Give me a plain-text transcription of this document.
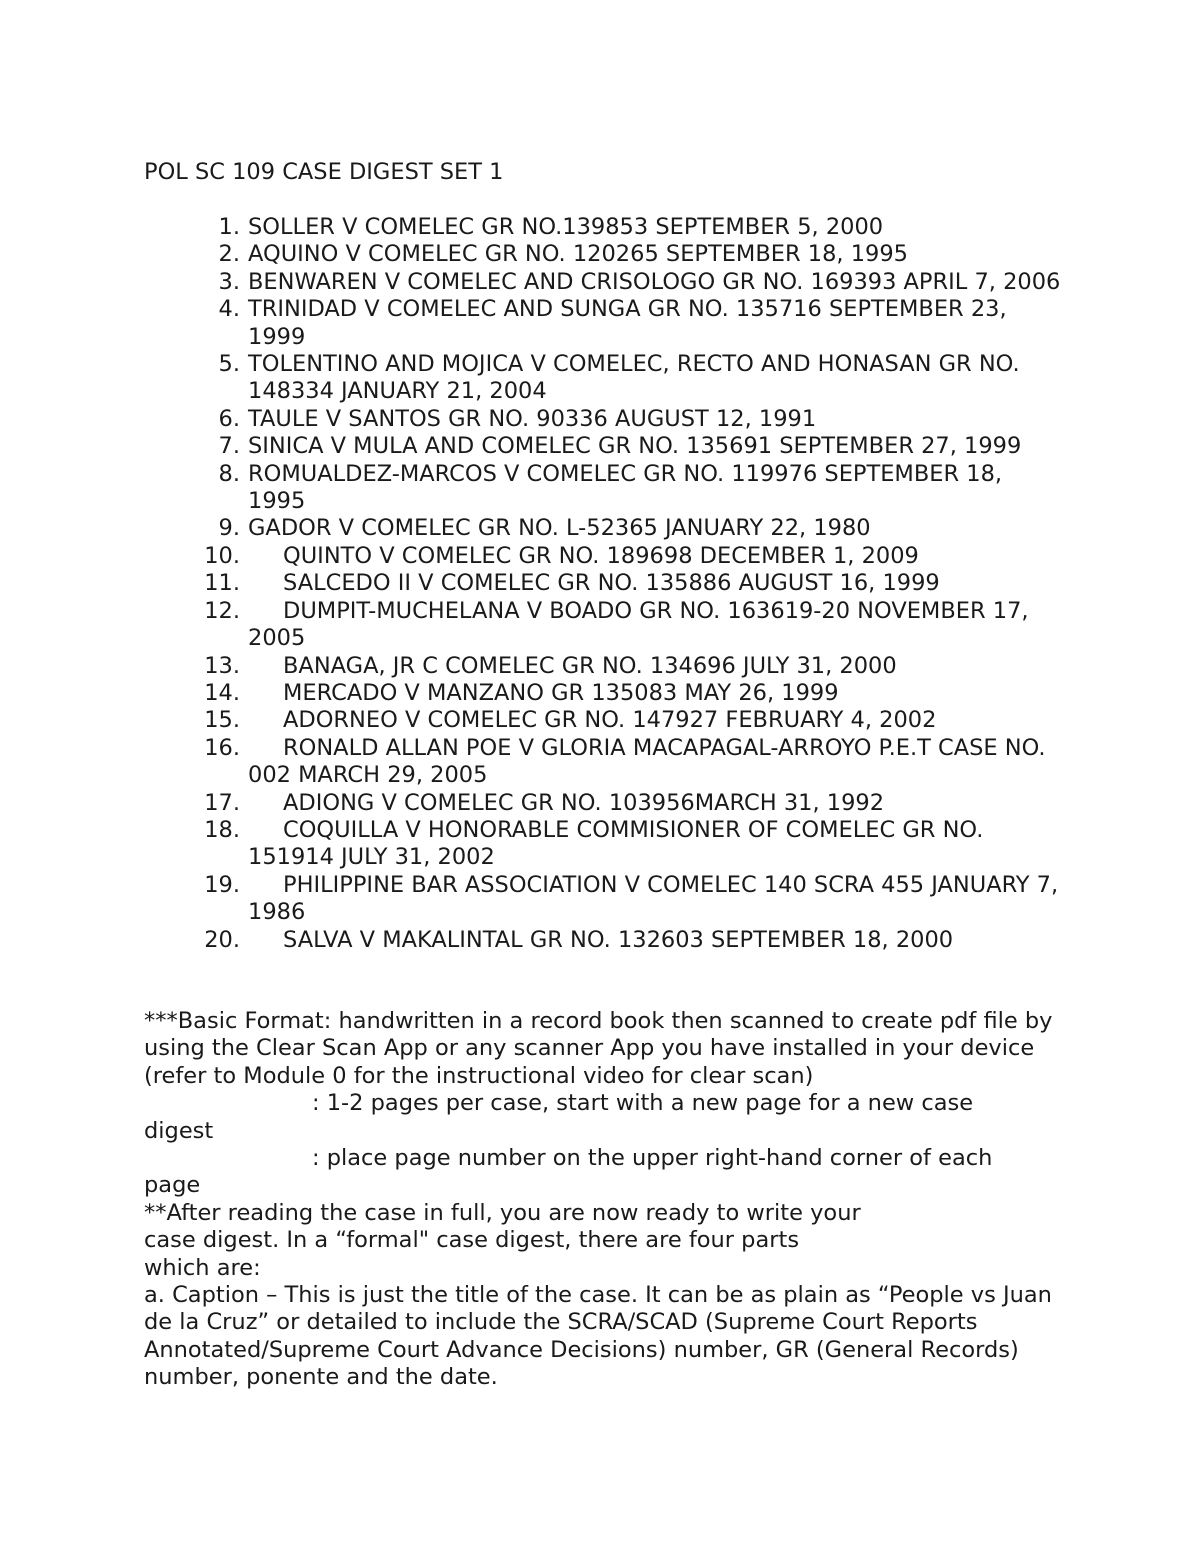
POL SC 109 CASE DIGEST SET 1
1. SOLLER V COMELEC GR NO.139853 SEPTEMBER 5, 2000
2. AQUINO V COMELEC GR NO. 120265 SEPTEMBER 18, 1995
3. BENWAREN V COMELEC AND CRISOLOGO GR NO. 169393 APRIL 7, 2006
4. TRINIDAD V COMELEC AND SUNGA GR NO. 135716 SEPTEMBER 23, 1999
5. TOLENTINO AND MOJICA V COMELEC, RECTO AND HONASAN GR NO. 148334 JANUARY 21, 2004
6. TAULE V SANTOS GR NO. 90336 AUGUST 12, 1991
7. SINICA V MULA AND COMELEC GR NO. 135691 SEPTEMBER 27, 1999
8. ROMUALDEZ-MARCOS V COMELEC GR NO. 119976 SEPTEMBER 18, 1995
9. GADOR V COMELEC GR NO. L-52365 JANUARY 22, 1980
10. QUINTO V COMELEC GR NO. 189698 DECEMBER 1, 2009
11. SALCEDO II V COMELEC GR NO. 135886 AUGUST 16, 1999
12. DUMPIT-MUCHELANA V BOADO GR NO. 163619-20 NOVEMBER 17, 2005
13. BANAGA, JR C COMELEC GR NO. 134696 JULY 31, 2000
14. MERCADO V MANZANO GR 135083 MAY 26, 1999
15. ADORNEO V COMELEC GR NO. 147927 FEBRUARY 4, 2002
16. RONALD ALLAN POE V GLORIA MACAPAGAL-ARROYO P.E.T CASE NO. 002 MARCH 29, 2005
17. ADIONG V COMELEC GR NO. 103956MARCH 31, 1992
18. COQUILLA V HONORABLE COMMISIONER OF COMELEC GR NO. 151914 JULY 31, 2002
19. PHILIPPINE BAR ASSOCIATION V COMELEC 140 SCRA 455 JANUARY 7, 1986
20. SALVA V MAKALINTAL GR NO. 132603 SEPTEMBER 18, 2000

***Basic Format: handwritten in a record book then scanned to create pdf file by using the Clear Scan App or any scanner App you have installed in your device (refer to Module 0 for the instructional video for clear scan)

: 1-2 pages per case, start with a new page for a new case

digest

: place page number on the upper right-hand corner of each

page

**After reading the case in full, you are now ready to write your

case digest. In a “formal" case digest, there are four parts

which are:

a. Caption – This is just the title of the case. It can be as plain as “People vs Juan de la Cruz” or detailed to include the SCRA/SCAD (Supreme Court Reports Annotated/Supreme Court Advance Decisions) number, GR (General Records) number, ponente and the date.
